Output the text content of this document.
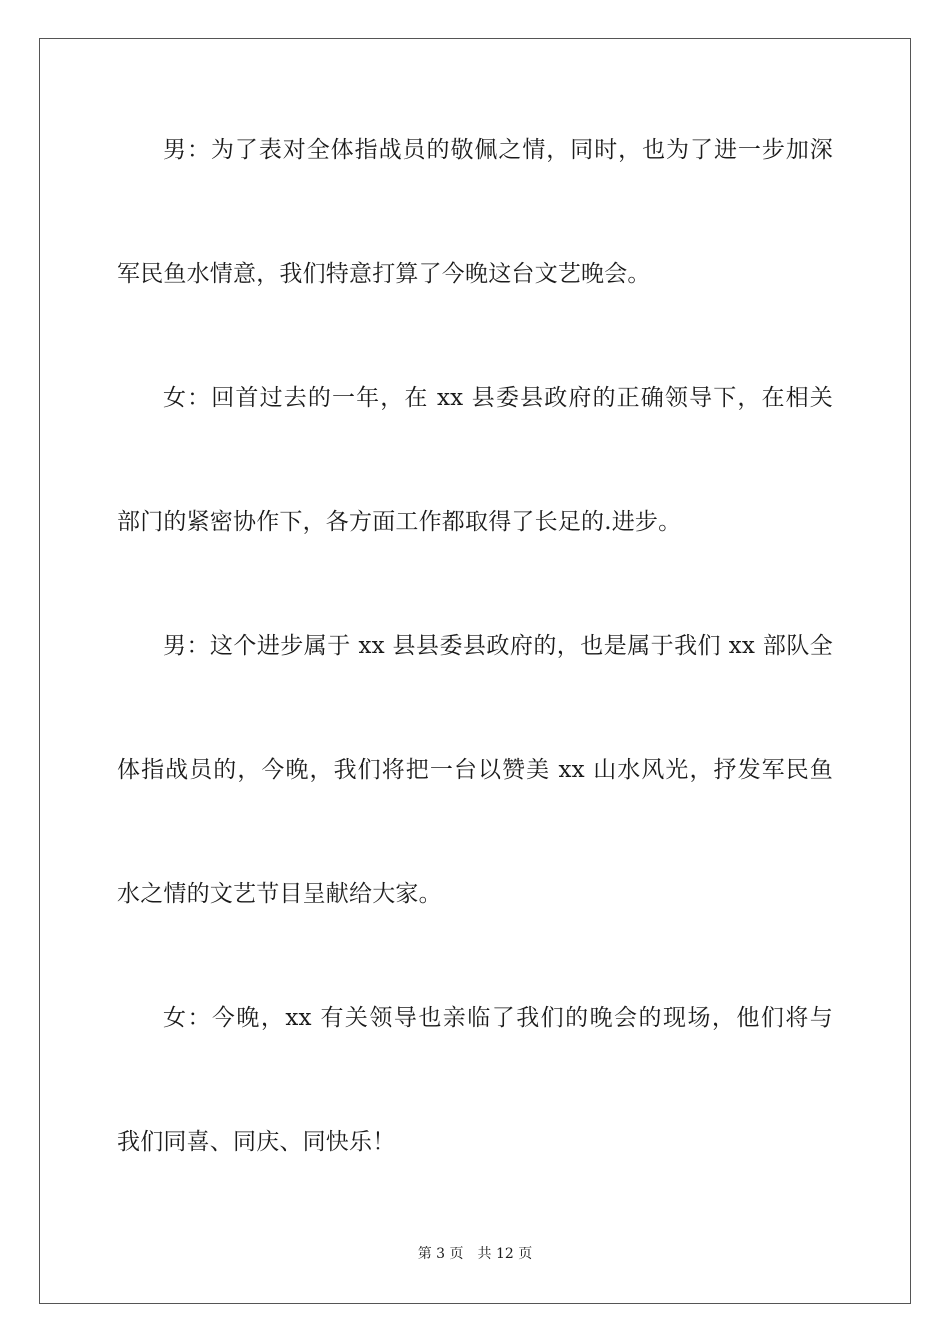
男：为了表对全体指战员的敬佩之情，同时，也为了进一步加深
军民鱼水情意，我们特意打算了今晚这台文艺晚会。
女：回首过去的一年，在 xx 县委县政府的正确领导下，在相关
部门的紧密协作下，各方面工作都取得了长足的.进步。
男：这个进步属于 xx 县县委县政府的，也是属于我们 xx 部队全
体指战员的，今晚，我们将把一台以赞美 xx 山水风光，抒发军民鱼
水之情的文艺节目呈献给大家。
女：今晚，xx 有关领导也亲临了我们的晚会的现场，他们将与
我们同喜、同庆、同快乐！
第 3 页 共 12 页
